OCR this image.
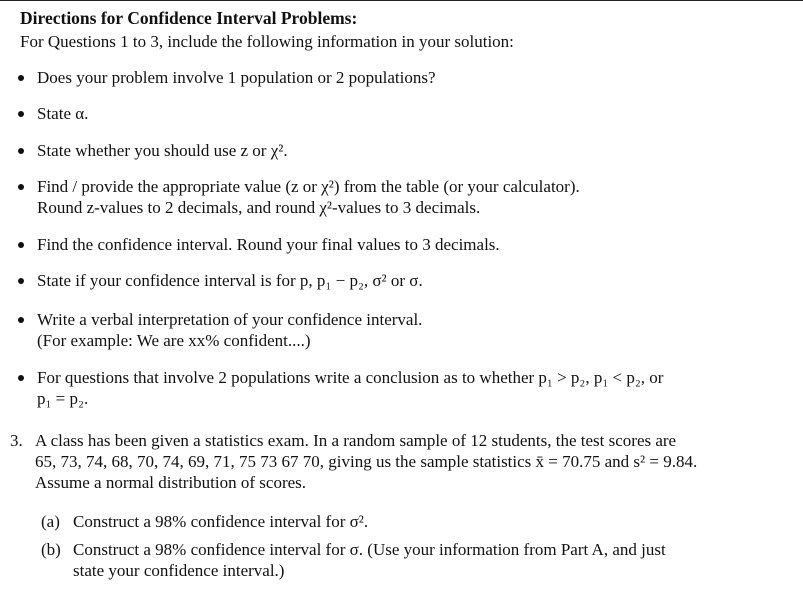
Directions for Confidence Interval Problems:
For Questions 1 to 3, include the following information in your solution:
Does your problem involve 1 population or 2 populations?
State α.
State whether you should use z or χ².
Find / provide the appropriate value (z or χ²) from the table (or your calculator).
Round z-values to 2 decimals, and round χ²-values to 3 decimals.
Find the confidence interval. Round your final values to 3 decimals.
State if your confidence interval is for p, p₁ − p₂, σ² or σ.
Write a verbal interpretation of your confidence interval.
(For example: We are xx% confident....)
For questions that involve 2 populations write a conclusion as to whether p₁ > p₂, p₁ < p₂, or
p₁ = p₂.
3. A class has been given a statistics exam. In a random sample of 12 students, the test scores are
65, 73, 74, 68, 70, 74, 69, 71, 75 73 67 70, giving us the sample statistics x̄ = 70.75 and s² = 9.84.
Assume a normal distribution of scores.
(a) Construct a 98% confidence interval for σ².
(b) Construct a 98% confidence interval for σ. (Use your information from Part A, and just
state your confidence interval.)
